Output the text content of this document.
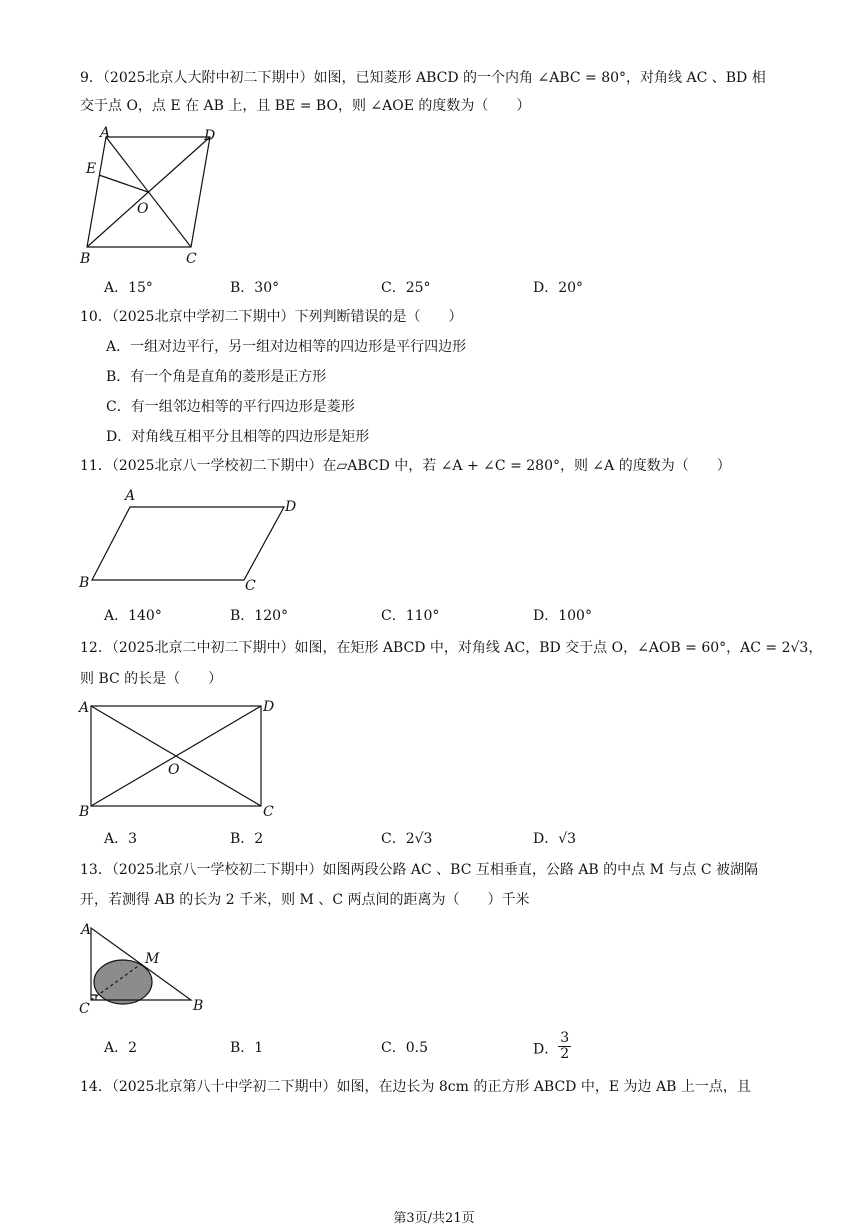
9．（2025北京人大附中初二下期中）如图，已知菱形 ABCD 的一个内角 ∠ABC = 80°，对角线 AC 、BD 相
交于点 O，点 E 在 AB 上，且 BE = BO，则 ∠AOE 的度数为（　　）
A	D
E
O
B	C
A．15°	B．30°	C．25°	D．20°
10．（2025北京中学初二下期中）下列判断错误的是（　　）
A．一组对边平行，另一组对边相等的四边形是平行四边形
B．有一个角是直角的菱形是正方形
C．有一组邻边相等的平行四边形是菱形
D．对角线互相平分且相等的四边形是矩形
11．（2025北京八一学校初二下期中）在▱ABCD 中，若 ∠A + ∠C = 280°，则 ∠A 的度数为（　　）
A
D
B	C
A．140°	B．120°	C．110°	D．100°
12．（2025北京二中初二下期中）如图，在矩形 ABCD 中，对角线 AC，BD 交于点 O，∠AOB = 60°，AC = 2√3，
则 BC 的长是（　　）
A	D
O
B	C
A．3	B．2	C．2√3	D．√3
13．（2025北京八一学校初二下期中）如图两段公路 AC 、BC 互相垂直，公路 AB 的中点 M 与点 C 被湖隔
开，若测得 AB 的长为 2 千米，则 M 、C 两点间的距离为（　　）千米
A
M
C	B
A．2	B．1	C．0.5	D． $\frac{3}{2}$
14．（2025北京第八十中学初二下期中）如图，在边长为 8cm 的正方形 ABCD 中，E 为边 AB 上一点，且
第3页/共21页
